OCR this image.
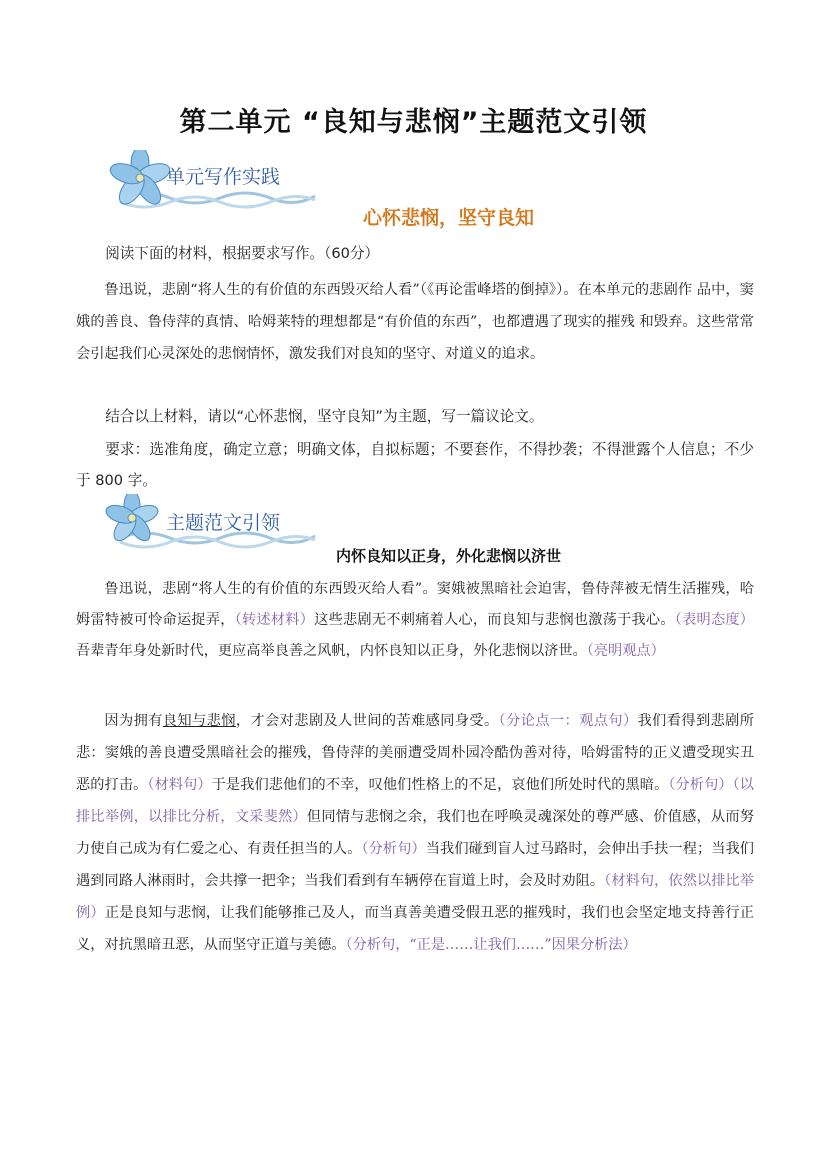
第二单元 “良知与悲悯”主题范文引领
单元写作实践
心怀悲悯，坚守良知

阅读下面的材料，根据要求写作。（60分）

鲁迅说，悲剧“将人生的有价值的东西毁灭给人看”（《再论雷峰塔的倒掉》）。在本单元的悲剧作 品中，窦娥的善良、鲁侍萍的真情、哈姆莱特的理想都是“有价值的东西”，也都遭遇了现实的摧残 和毁弃。这些常常会引起我们心灵深处的悲悯情怀，激发我们对良知的坚守、对道义的追求。

结合以上材料，请以“心怀悲悯，坚守良知”为主题，写一篇议论文。

要求：选准角度，确定立意；明确文体，自拟标题；不要套作，不得抄袭；不得泄露个人信息；不少于 800 字。

主题范文引领
内怀良知以正身，外化悲悯以济世

鲁迅说，悲剧“将人生的有价值的东西毁灭给人看”。窦娥被黑暗社会迫害，鲁侍萍被无情生活摧残，哈姆雷特被可怜命运捉弄，（转述材料）这些悲剧无不刺痛着人心，而良知与悲悯也激荡于我心。（表明态度）吾辈青年身处新时代，更应高举良善之风帆，内怀良知以正身，外化悲悯以济世。（亮明观点）

因为拥有良知与悲悯，才会对悲剧及人世间的苦难感同身受。（分论点一：观点句）我们看得到悲剧所悲：窦娥的善良遭受黑暗社会的摧残，鲁侍萍的美丽遭受周朴园冷酷伪善对待，哈姆雷特的正义遭受现实丑恶的打击。（材料句）于是我们悲他们的不幸，叹他们性格上的不足，哀他们所处时代的黑暗。（分析句）（以排比举例，以排比分析，文采斐然）但同情与悲悯之余，我们也在呼唤灵魂深处的尊严感、价值感，从而努力使自己成为有仁爱之心、有责任担当的人。（分析句）当我们碰到盲人过马路时，会伸出手扶一程；当我们遇到同路人淋雨时，会共撑一把伞；当我们看到有车辆停在盲道上时，会及时劝阻。（材料句，依然以排比举例）正是良知与悲悯，让我们能够推己及人，而当真善美遭受假丑恶的摧残时，我们也会坚定地支持善行正义，对抗黑暗丑恶，从而坚守正道与美德。（分析句，“正是……让我们……”因果分析法）
